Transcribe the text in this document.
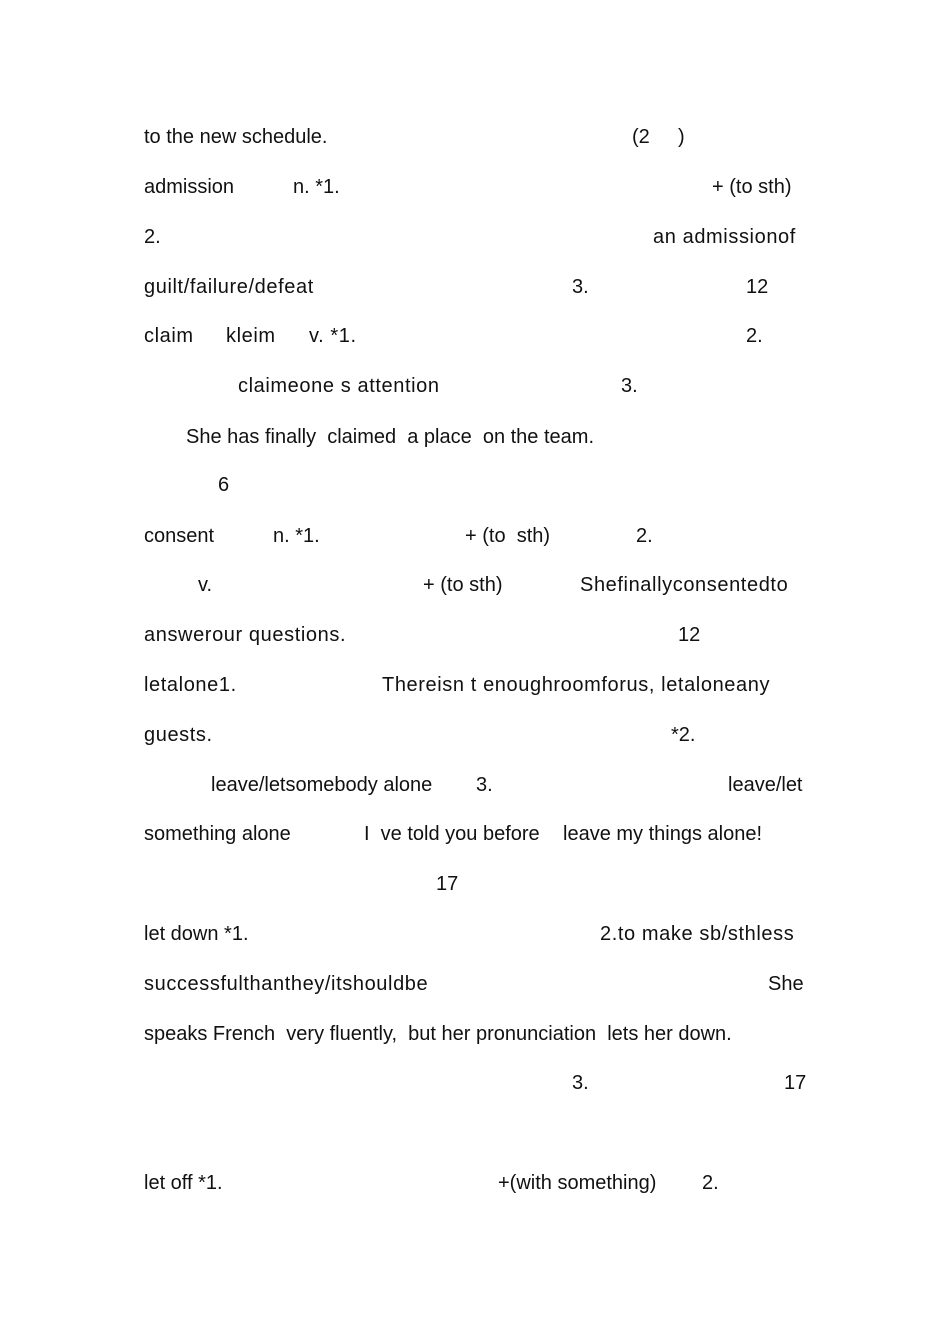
to the new schedule.	(2 )
admission	n. *1.	+ (to sth)
2.	an admissionof
guilt/failure/defeat	3.	12
claim kleim v. *1.	2.
claimeone s attention	3.
She has finally  claimed  a place  on the team.
6
consent	n. *1.	+ (to  sth)	2.
v.	+ (to sth)	Shefinallyconsentedto
answerour questions.	12
letalone1.	Thereisn t enoughroomforus, letaloneany
guests.	*2.
leave/letsomebody alone 3.	leave/let
something alone	I  ve told you before leave my things alone!
17
let down *1.	2.to make sb/sthless
successfulthanthey/itshouldbe	She
speaks French  very fluently,  but her pronunciation  lets her down.
3.	17
let off *1.	+(with something) 2.
